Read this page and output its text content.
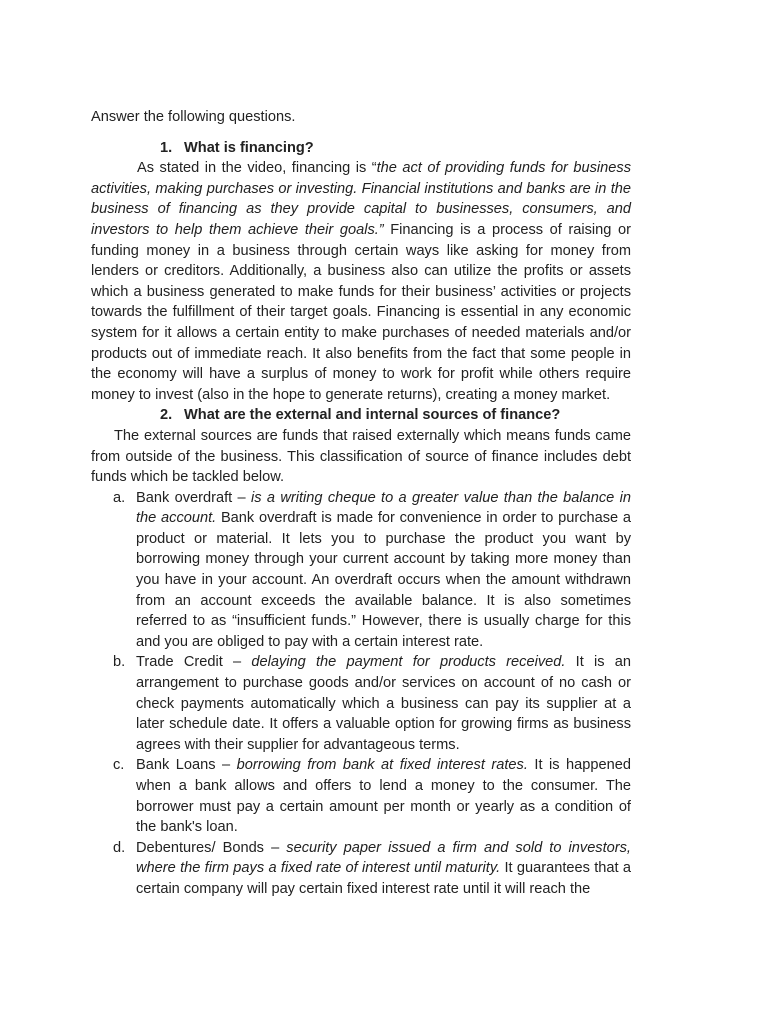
Answer the following questions.

1. What is financing?

As stated in the video, financing is “the act of providing funds for business activities, making purchases or investing. Financial institutions and banks are in the business of financing as they provide capital to businesses, consumers, and investors to help them achieve their goals.” Financing is a process of raising or funding money in a business through certain ways like asking for money from lenders or creditors. Additionally, a business also can utilize the profits or assets which a business generated to make funds for their business’ activities or projects towards the fulfillment of their target goals. Financing is essential in any economic system for it allows a certain entity to make purchases of needed materials and/or products out of immediate reach. It also benefits from the fact that some people in the economy will have a surplus of money to work for profit while others require money to invest (also in the hope to generate returns), creating a money market.

2. What are the external and internal sources of finance?

The external sources are funds that raised externally which means funds came from outside of the business. This classification of source of finance includes debt funds which be tackled below.

a. Bank overdraft – is a writing cheque to a greater value than the balance in the account. Bank overdraft is made for convenience in order to purchase a product or material. It lets you to purchase the product you want by borrowing money through your current account by taking more money than you have in your account. An overdraft occurs when the amount withdrawn from an account exceeds the available balance. It is also sometimes referred to as “insufficient funds.” However, there is usually charge for this and you are obliged to pay with a certain interest rate.
b. Trade Credit – delaying the payment for products received. It is an arrangement to purchase goods and/or services on account of no cash or check payments automatically which a business can pay its supplier at a later schedule date. It offers a valuable option for growing firms as business agrees with their supplier for advantageous terms.
c. Bank Loans – borrowing from bank at fixed interest rates. It is happened when a bank allows and offers to lend a money to the consumer. The borrower must pay a certain amount per month or yearly as a condition of the bank's loan.
d. Debentures/ Bonds – security paper issued a firm and sold to investors, where the firm pays a fixed rate of interest until maturity. It guarantees that a certain company will pay certain fixed interest rate until it will reach the
